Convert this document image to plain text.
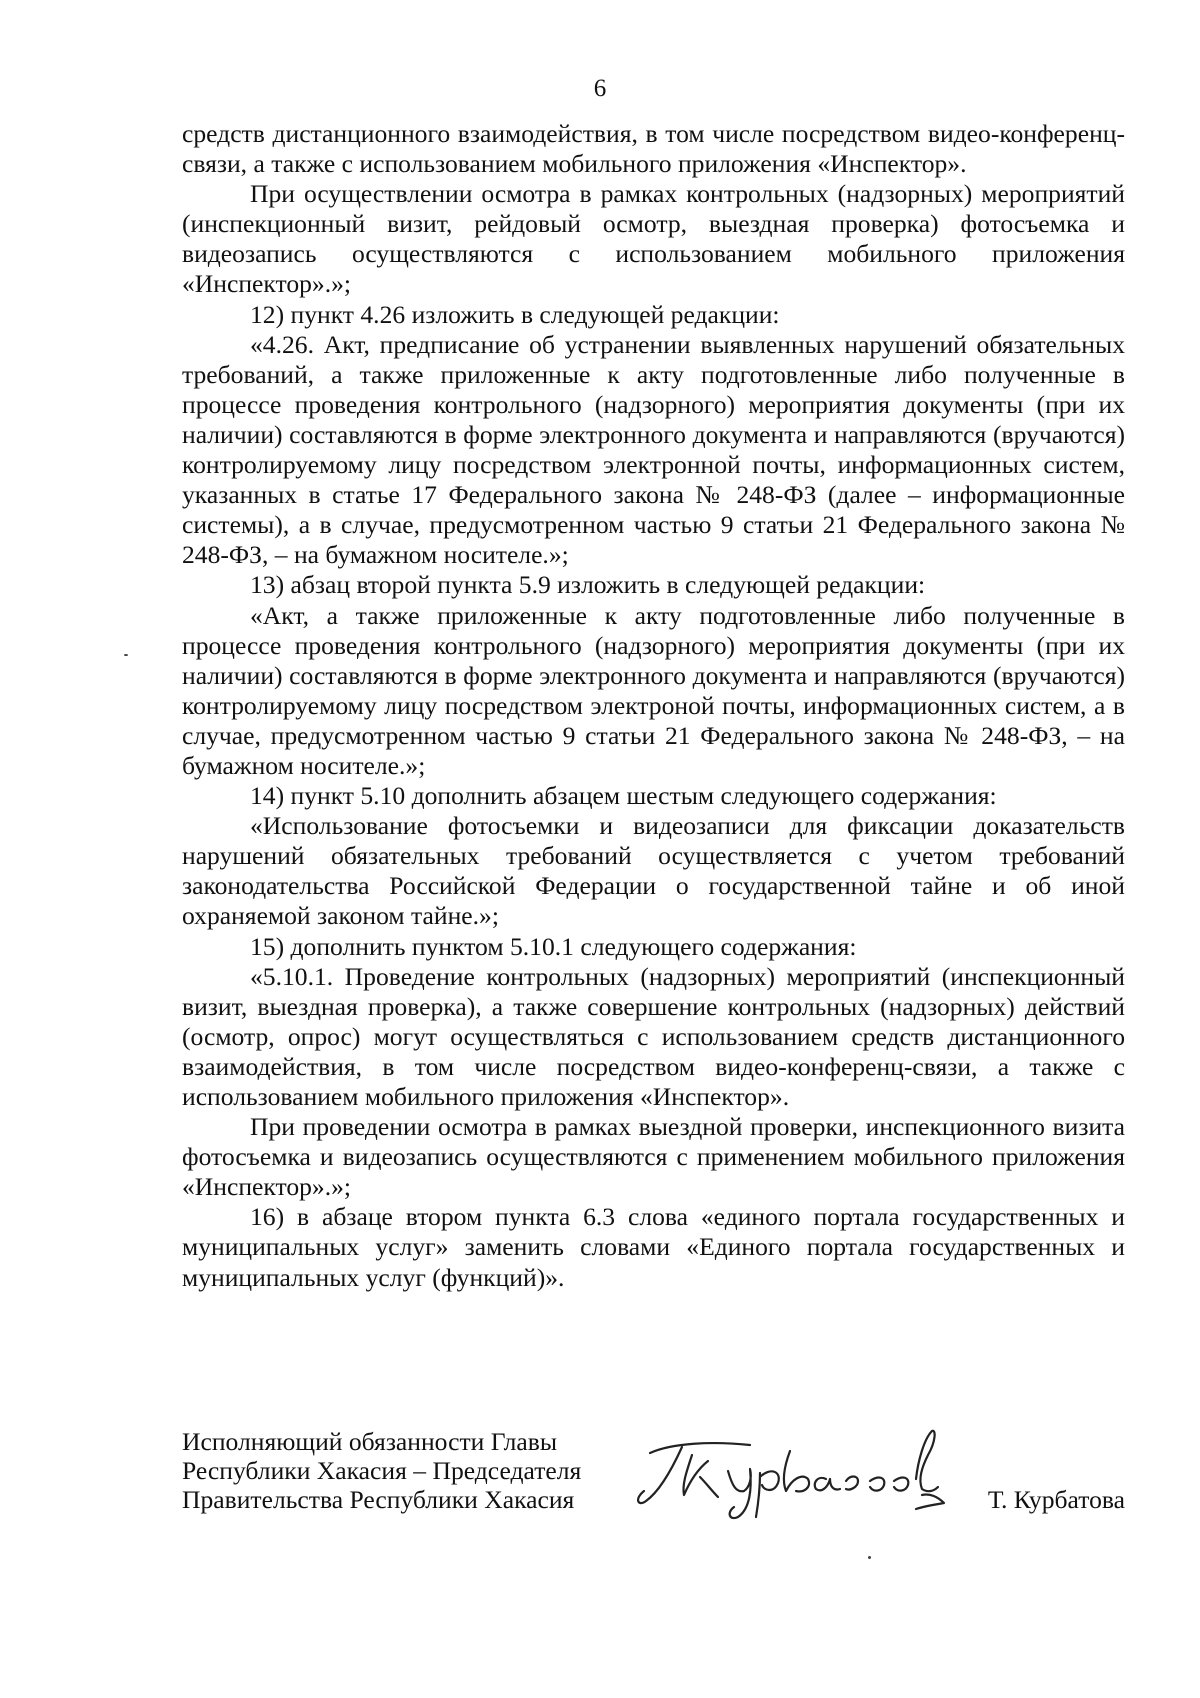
6

средств дистанционного взаимодействия, в том числе посредством видео-конференц-связи, а также с использованием мобильного приложения «Инспектор».

При осуществлении осмотра в рамках контрольных (надзорных) мероприятий (инспекционный визит, рейдовый осмотр, выездная проверка) фотосъемка и видеозапись осуществляются с использованием мобильного приложения «Инспектор».»;

12) пункт 4.26 изложить в следующей редакции:

«4.26. Акт, предписание об устранении выявленных нарушений обязательных требований, а также приложенные к акту подготовленные либо полученные в процессе проведения контрольного (надзорного) мероприятия документы (при их наличии) составляются в форме электронного документа и направляются (вручаются) контролируемому лицу посредством электронной почты, информационных систем, указанных в статье 17 Федерального закона № 248-ФЗ (далее – информационные системы), а в случае, предусмотренном частью 9 статьи 21 Федерального закона № 248-ФЗ, – на бумажном носителе.»;

13) абзац второй пункта 5.9 изложить в следующей редакции:

«Акт, а также приложенные к акту подготовленные либо полученные в процессе проведения контрольного (надзорного) мероприятия документы (при их наличии) составляются в форме электронного документа и направляются (вручаются) контролируемому лицу посредством электроной почты, информационных систем, а в случае, предусмотренном частью 9 статьи 21 Федерального закона № 248-ФЗ, – на бумажном носителе.»;

14) пункт 5.10 дополнить абзацем шестым следующего содержания:

«Использование фотосъемки и видеозаписи для фиксации доказательств нарушений обязательных требований осуществляется с учетом требований законодательства Российской Федерации о государственной тайне и об иной охраняемой законом тайне.»;

15) дополнить пунктом 5.10.1 следующего содержания:

«5.10.1. Проведение контрольных (надзорных) мероприятий (инспекционный визит, выездная проверка), а также совершение контрольных (надзорных) действий (осмотр, опрос) могут осуществляться с использованием средств дистанционного взаимодействия, в том числе посредством видео-конференц-связи, а также с использованием мобильного приложения «Инспектор».

При проведении осмотра в рамках выездной проверки, инспекционного визита фотосъемка и видеозапись осуществляются с применением мобильного приложения «Инспектор».»;

16) в абзаце втором пункта 6.3 слова «единого портала государственных и муниципальных услуг» заменить словами «Единого портала государственных и муниципальных услуг (функций)».

Исполняющий обязанности Главы
Республики Хакасия – Председателя
Правительства Республики Хакасия	Т. Курбатова
